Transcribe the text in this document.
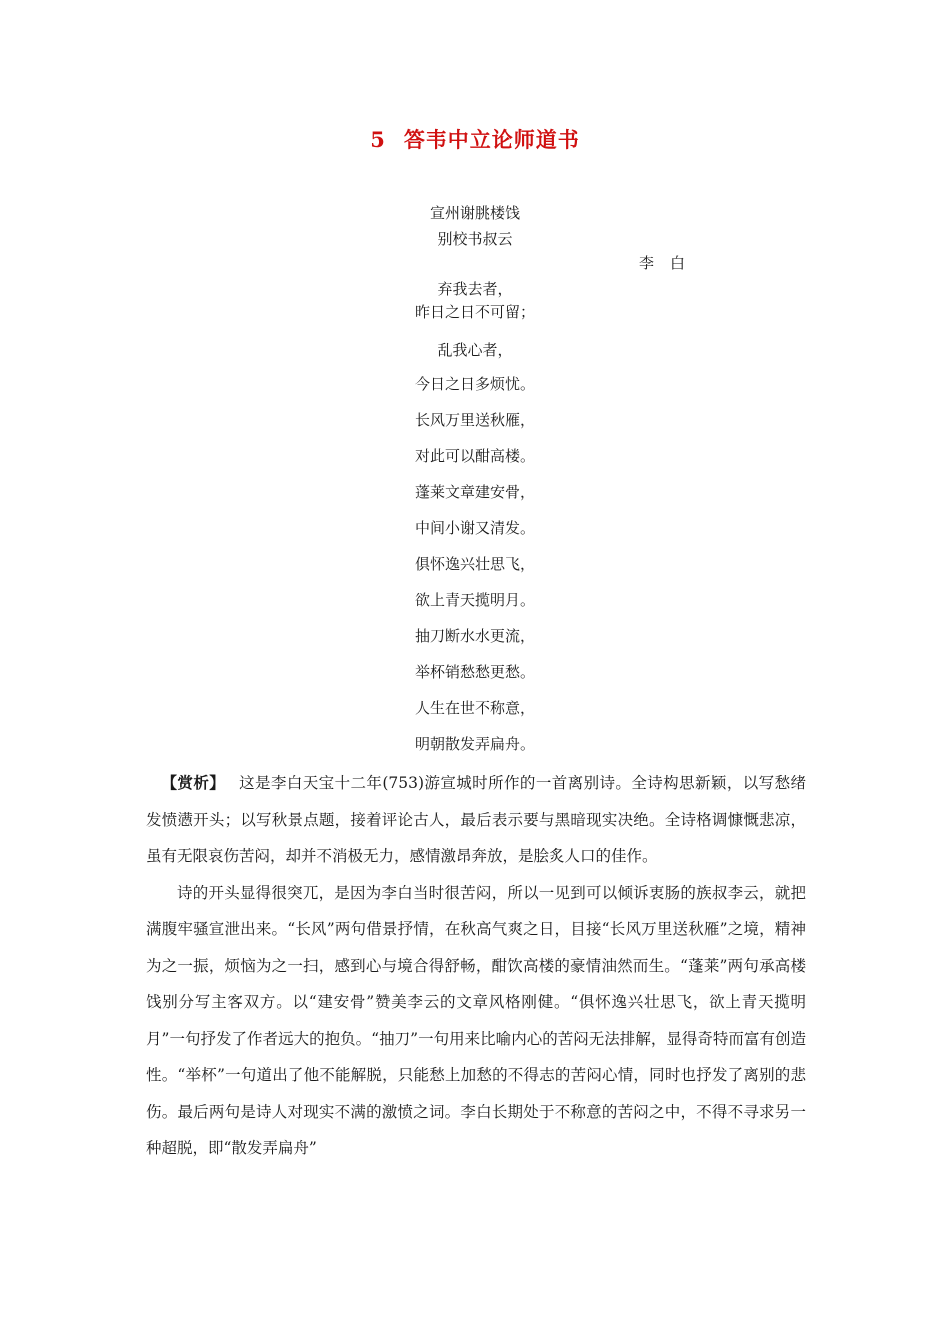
5 答韦中立论师道书
宣州谢朓楼饯
别校书叔云
李白
弃我去者，
昨日之日不可留；
乱我心者，
今日之日多烦忧。
长风万里送秋雁，
对此可以酣高楼。
蓬莱文章建安骨，
中间小谢又清发。
俱怀逸兴壮思飞，
欲上青天揽明月。
抽刀断水水更流，
举杯销愁愁更愁。
人生在世不称意，
明朝散发弄扁舟。

【赏析】 这是李白天宝十二年(753)游宣城时所作的一首离别诗。全诗构思新颖，以写愁绪发愤懑开头；以写秋景点题，接着评论古人，最后表示要与黑暗现实决绝。全诗格调慷慨悲凉，虽有无限哀伤苦闷，却并不消极无力，感情激昂奔放，是脍炙人口的佳作。

诗的开头显得很突兀，是因为李白当时很苦闷，所以一见到可以倾诉衷肠的族叔李云，就把满腹牢骚宣泄出来。“长风”两句借景抒情，在秋高气爽之日，目接“长风万里送秋雁”之境，精神为之一振，烦恼为之一扫，感到心与境合得舒畅，酣饮高楼的豪情油然而生。“蓬莱”两句承高楼饯别分写主客双方。以“建安骨”赞美李云的文章风格刚健。“俱怀逸兴壮思飞，欲上青天揽明月”一句抒发了作者远大的抱负。“抽刀”一句用来比喻内心的苦闷无法排解，显得奇特而富有创造性。“举杯”一句道出了他不能解脱，只能愁上加愁的不得志的苦闷心情，同时也抒发了离别的悲伤。最后两句是诗人对现实不满的激愤之词。李白长期处于不称意的苦闷之中，不得不寻求另一种超脱，即“散发弄扁舟”
